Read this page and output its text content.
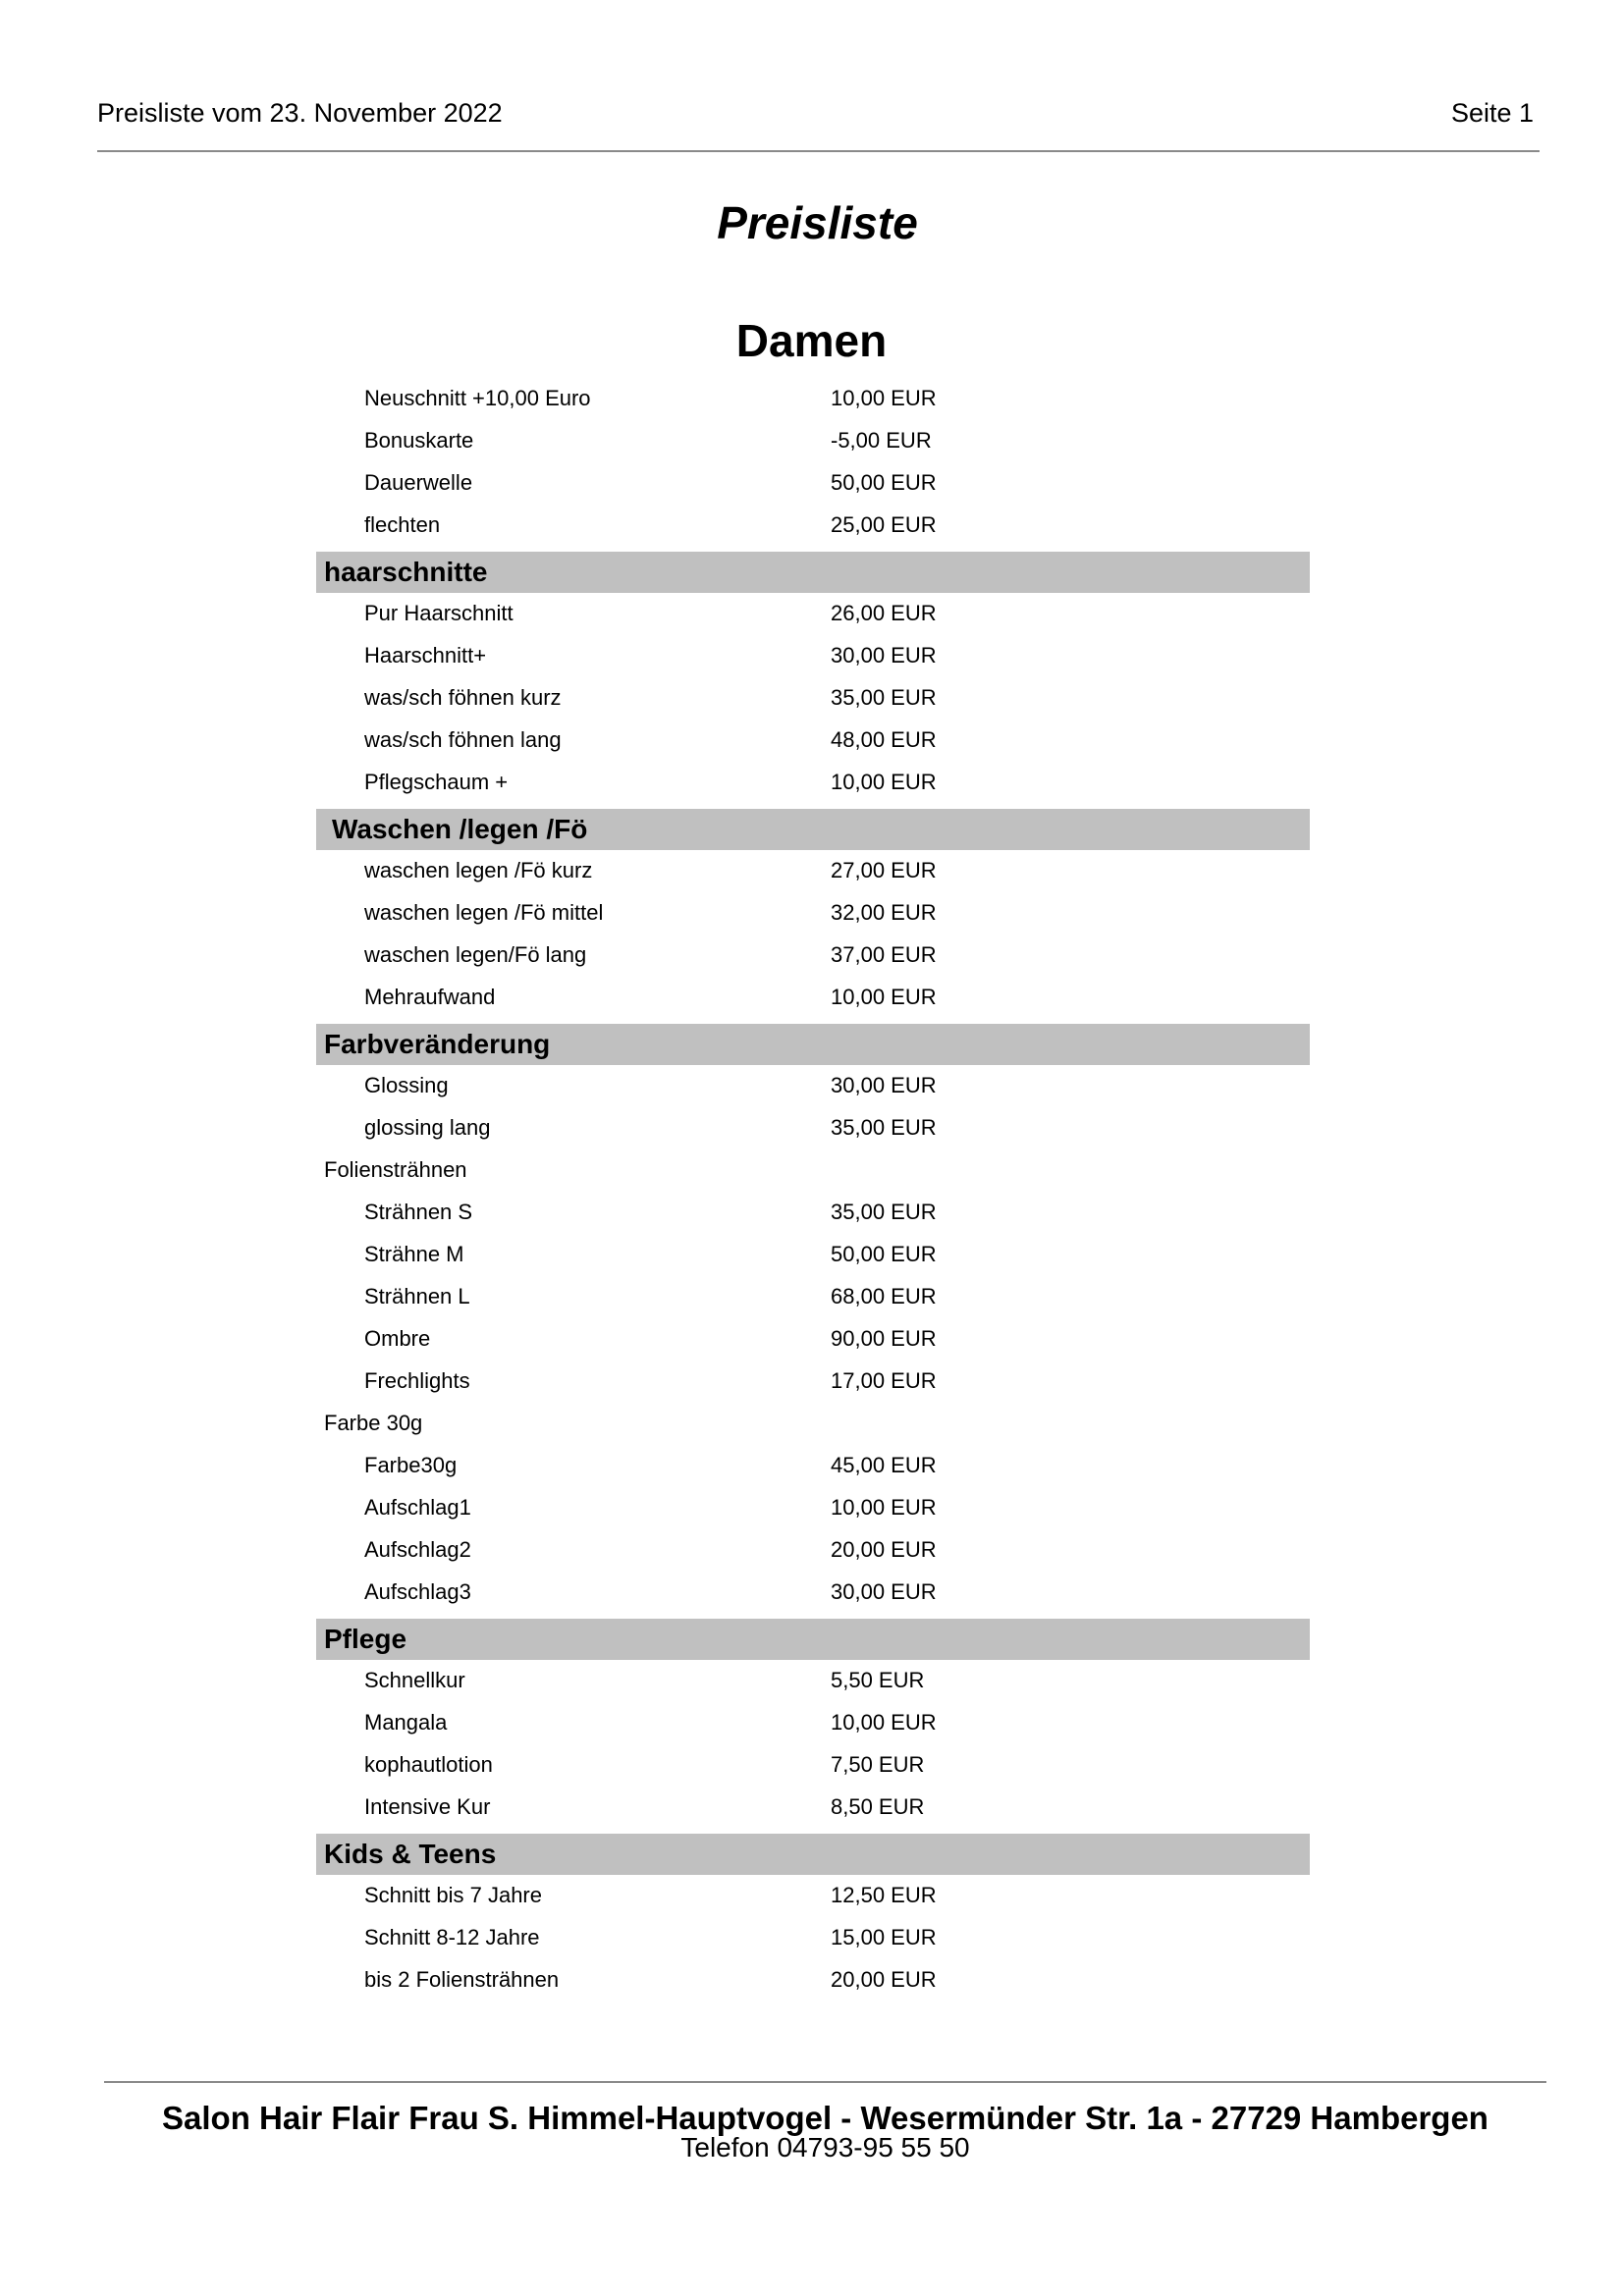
Preisliste vom 23. November 2022	Seite 1
Preisliste
Damen
Neuschnitt +10,00 Euro	10,00 EUR
Bonuskarte	-5,00 EUR
Dauerwelle	50,00 EUR
flechten	25,00 EUR
haarschnitte
Pur Haarschnitt	26,00 EUR
Haarschnitt+	30,00 EUR
was/sch föhnen kurz	35,00 EUR
was/sch föhnen lang	48,00 EUR
Pflegschaum +	10,00 EUR
Waschen /legen /Fö
waschen legen /Fö kurz	27,00 EUR
waschen legen /Fö mittel	32,00 EUR
waschen legen/Fö lang	37,00 EUR
Mehraufwand	10,00 EUR
Farbveränderung
Glossing	30,00 EUR
glossing lang	35,00 EUR
Foliensträhnen
Strähnen S	35,00 EUR
Strähne M	50,00 EUR
Strähnen L	68,00 EUR
Ombre	90,00 EUR
Frechlights	17,00 EUR
Farbe 30g
Farbe30g	45,00 EUR
Aufschlag1	10,00 EUR
Aufschlag2	20,00 EUR
Aufschlag3	30,00 EUR
Pflege
Schnellkur	5,50 EUR
Mangala	10,00 EUR
kophautlotion	7,50 EUR
Intensive Kur	8,50 EUR
Kids & Teens
Schnitt bis 7 Jahre	12,50 EUR
Schnitt 8-12 Jahre	15,00 EUR
bis 2 Foliensträhnen	20,00 EUR
Salon Hair Flair Frau S. Himmel-Hauptvogel - Wesermünder Str. 1a - 27729 Hambergen
Telefon 04793-95 55 50
